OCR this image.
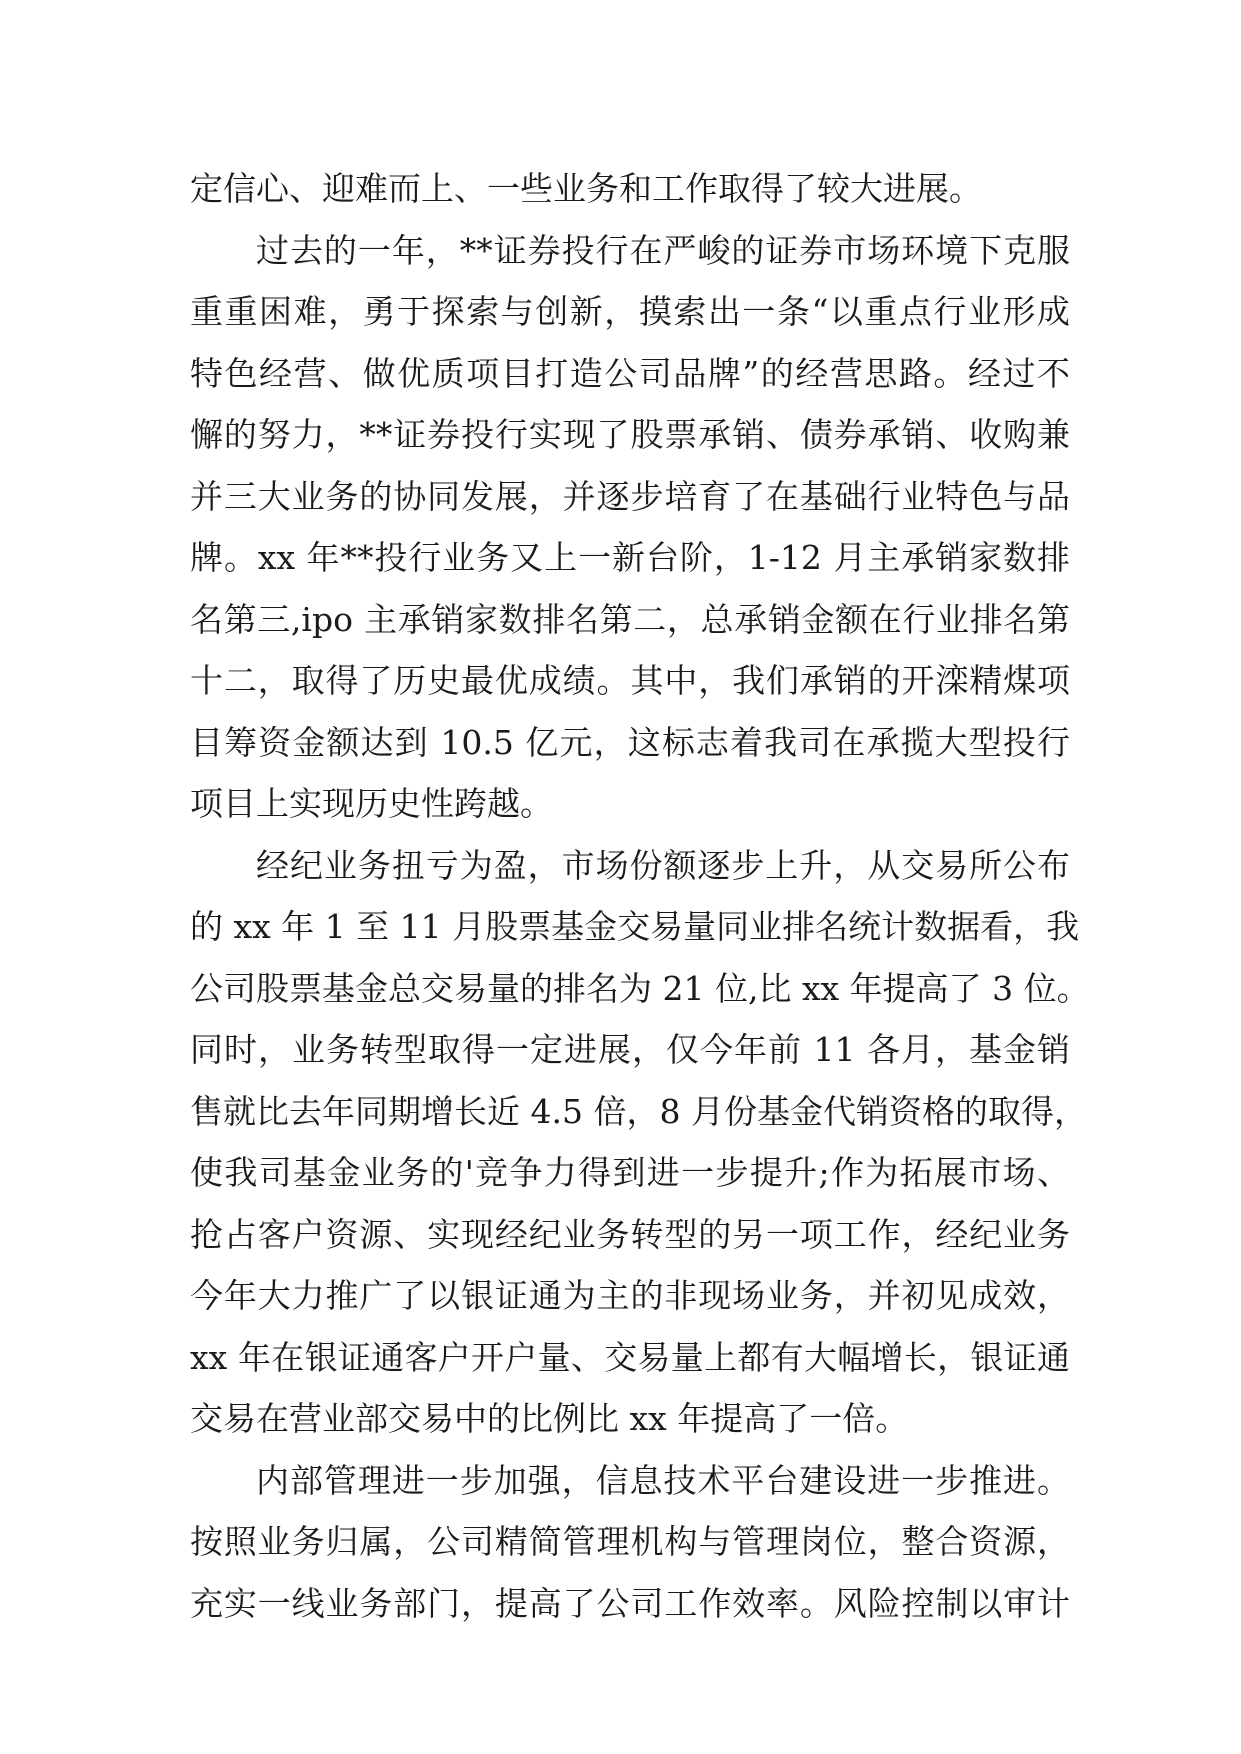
定信心、迎难而上、一些业务和工作取得了较大进展。
过去的一年，**证券投行在严峻的证券市场环境下克服
重重困难，勇于探索与创新，摸索出一条“以重点行业形成
特色经营、做优质项目打造公司品牌”的经营思路。经过不
懈的努力，**证券投行实现了股票承销、债券承销、收购兼
并三大业务的协同发展，并逐步培育了在基础行业特色与品
牌。xx 年**投行业务又上一新台阶，1-12 月主承销家数排
名第三,ipo 主承销家数排名第二，总承销金额在行业排名第
十二，取得了历史最优成绩。其中，我们承销的开滦精煤项
目筹资金额达到 10.5 亿元，这标志着我司在承揽大型投行
项目上实现历史性跨越。
经纪业务扭亏为盈，市场份额逐步上升，从交易所公布
的 xx 年 1 至 11 月股票基金交易量同业排名统计数据看，我
公司股票基金总交易量的排名为 21 位,比 xx 年提高了 3 位。
同时，业务转型取得一定进展，仅今年前 11 各月，基金销
售就比去年同期增长近 4.5 倍，8 月份基金代销资格的取得，
使我司基金业务的'竞争力得到进一步提升;作为拓展市场、
抢占客户资源、实现经纪业务转型的另一项工作，经纪业务
今年大力推广了以银证通为主的非现场业务，并初见成效，
xx 年在银证通客户开户量、交易量上都有大幅增长，银证通
交易在营业部交易中的比例比 xx 年提高了一倍。
内部管理进一步加强，信息技术平台建设进一步推进。
按照业务归属，公司精简管理机构与管理岗位，整合资源，
充实一线业务部门，提高了公司工作效率。风险控制以审计
